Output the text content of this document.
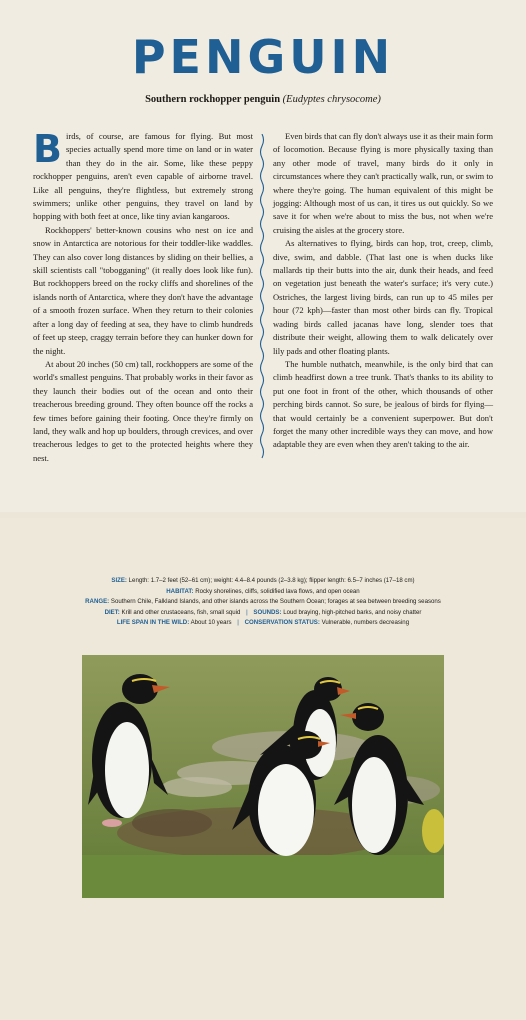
PENGUIN

Southern rockhopper penguin (Eudyptes chrysocome)

Birds, of course, are famous for flying. But most species actually spend more time on land or in water than they do in the air. Some, like these peppy rockhopper penguins, aren't even capable of airborne travel. Like all penguins, they're flightless, but extremely strong swimmers; unlike other penguins, they travel on land by hopping with both feet at once, like tiny avian kangaroos.

Rockhoppers' better-known cousins who nest on ice and snow in Antarctica are notorious for their toddler-like waddles. They can also cover long distances by sliding on their bellies, a skill scientists call "tobogganing" (it really does look like fun). But rockhoppers breed on the rocky cliffs and shorelines of the islands north of Antarctica, where they don't have the advantage of a smooth frozen surface. When they return to their colonies after a long day of feeding at sea, they have to climb hundreds of feet up steep, craggy terrain before they can hunker down for the night.

At about 20 inches (50 cm) tall, rockhoppers are some of the world's smallest penguins. That probably works in their favor as they launch their bodies out of the ocean and onto their treacherous breeding ground. They often bounce off the rocks a few times before gaining their footing. Once they're firmly on land, they walk and hop up boulders, through crevices, and over treacherous ledges to get to the protected heights where they nest.

Even birds that can fly don't always use it as their main form of locomotion. Because flying is more physically taxing than any other mode of travel, many birds do it only in circumstances where they can't practically walk, run, or swim to where they're going. The human equivalent of this might be jogging: Although most of us can, it tires us out quickly. So we save it for when we're about to miss the bus, not when we're cruising the aisles at the grocery store.

As alternatives to flying, birds can hop, trot, creep, climb, dive, swim, and dabble. (That last one is when ducks like mallards tip their butts into the air, dunk their heads, and feed on vegetation just beneath the water's surface; it's very cute.) Ostriches, the largest living birds, can run up to 45 miles per hour (72 kph)—faster than most other birds can fly. Tropical wading birds called jacanas have long, slender toes that distribute their weight, allowing them to walk delicately over lily pads and other floating plants.

The humble nuthatch, meanwhile, is the only bird that can climb headfirst down a tree trunk. That's thanks to its ability to put one foot in front of the other, which thousands of other perching birds cannot. So sure, be jealous of birds for flying—that would certainly be a convenient superpower. But don't forget the many other incredible ways they can move, and how adaptable they are even when they aren't taking to the air.

SIZE: Length: 1.7–2 feet (52–61 cm); weight: 4.4–8.4 pounds (2–3.8 kg); flipper length: 6.5–7 inches (17–18 cm)
HABITAT: Rocky shorelines, cliffs, solidified lava flows, and open ocean
RANGE: Southern Chile, Falkland Islands, and other islands across the Southern Ocean; forages at sea between breeding seasons
DIET: Krill and other crustaceans, fish, small squid | SOUNDS: Loud braying, high-pitched barks, and noisy chatter
LIFE SPAN IN THE WILD: About 10 years | CONSERVATION STATUS: Vulnerable, numbers decreasing
